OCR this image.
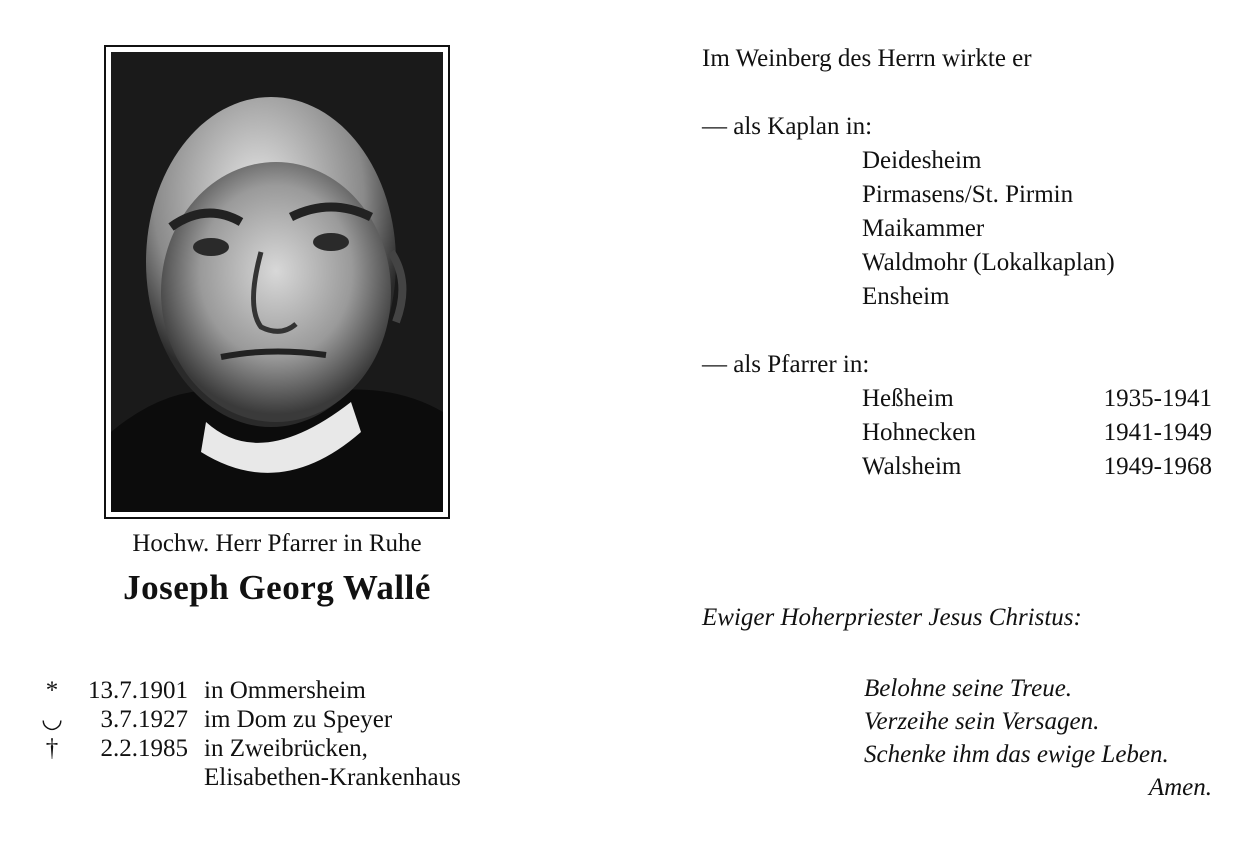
Hochw. Herr Pfarrer in Ruhe
Joseph Georg Wallé
*	13.7.1901 in Ommersheim
◡	3.7.1927 im Dom zu Speyer
†	2.2.1985 in Zweibrücken,
Elisabethen-Krankenhaus
Im Weinberg des Herrn wirkte er
— als Kaplan in:
Deidesheim
Pirmasens/St. Pirmin
Maikammer
Waldmohr (Lokalkaplan)
Ensheim
— als Pfarrer in:
Heßheim	1935-1941
Hohnecken	1941-1949
Walsheim	1949-1968
Ewiger Hoherpriester Jesus Christus:
Belohne seine Treue.
Verzeihe sein Versagen.
Schenke ihm das ewige Leben.
Amen.
